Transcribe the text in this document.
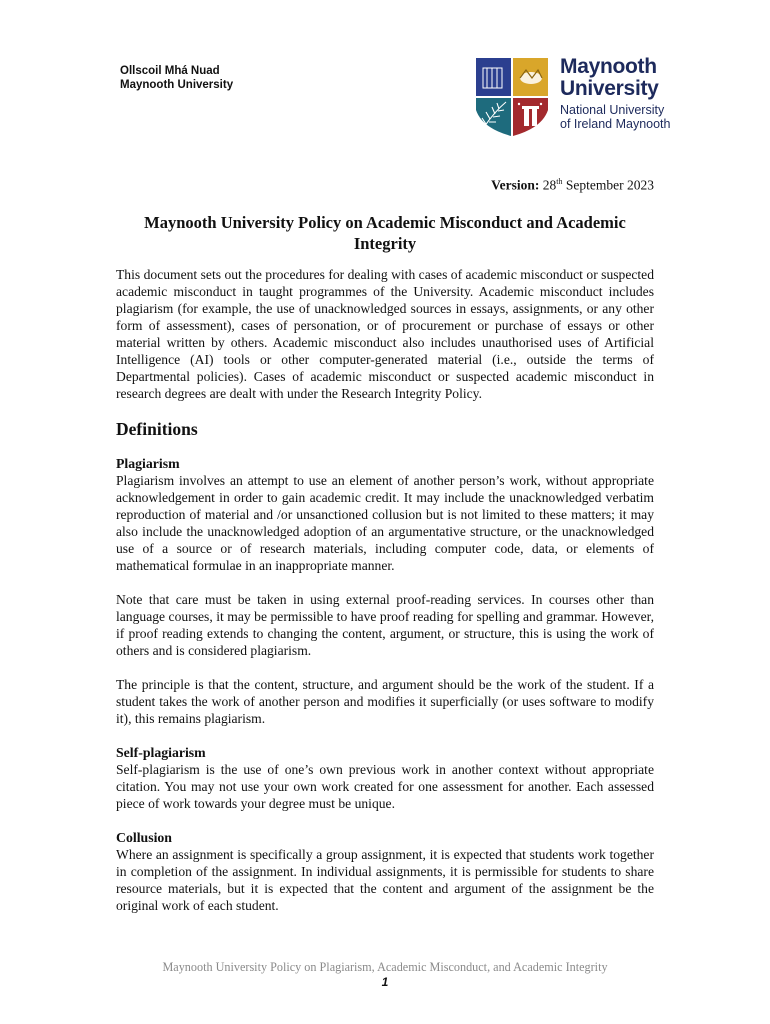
Ollscoil Mhá Nuad
Maynooth University
Maynooth
University
National University
of Ireland Maynooth
Version: 28th September 2023
Maynooth University Policy on Academic Misconduct and Academic Integrity

This document sets out the procedures for dealing with cases of academic misconduct or suspected academic misconduct in taught programmes of the University. Academic misconduct includes plagiarism (for example, the use of unacknowledged sources in essays, assignments, or any other form of assessment), cases of personation, or of procurement or purchase of essays or other material written by others. Academic misconduct also includes unauthorised uses of Artificial Intelligence (AI) tools or other computer-generated material (i.e., outside the terms of Departmental policies). Cases of academic misconduct or suspected academic misconduct in research degrees are dealt with under the Research Integrity Policy.

Definitions
Plagiarism

Plagiarism involves an attempt to use an element of another person’s work, without appropriate acknowledgement in order to gain academic credit. It may include the unacknowledged verbatim reproduction of material and /or unsanctioned collusion but is not limited to these matters; it may also include the unacknowledged adoption of an argumentative structure, or the unacknowledged use of a source or of research materials, including computer code, data, or elements of mathematical formulae in an inappropriate manner.

Note that care must be taken in using external proof-reading services. In courses other than language courses, it may be permissible to have proof reading for spelling and grammar. However, if proof reading extends to changing the content, argument, or structure, this is using the work of others and is considered plagiarism.

The principle is that the content, structure, and argument should be the work of the student. If a student takes the work of another person and modifies it superficially (or uses software to modify it), this remains plagiarism.

Self-plagiarism

Self-plagiarism is the use of one’s own previous work in another context without appropriate citation. You may not use your own work created for one assessment for another. Each assessed piece of work towards your degree must be unique.

Collusion

Where an assignment is specifically a group assignment, it is expected that students work together in completion of the assignment. In individual assignments, it is permissible for students to share resource materials, but it is expected that the content and argument of the assignment be the original work of each student.

Maynooth University Policy on Plagiarism, Academic Misconduct, and Academic Integrity
1
